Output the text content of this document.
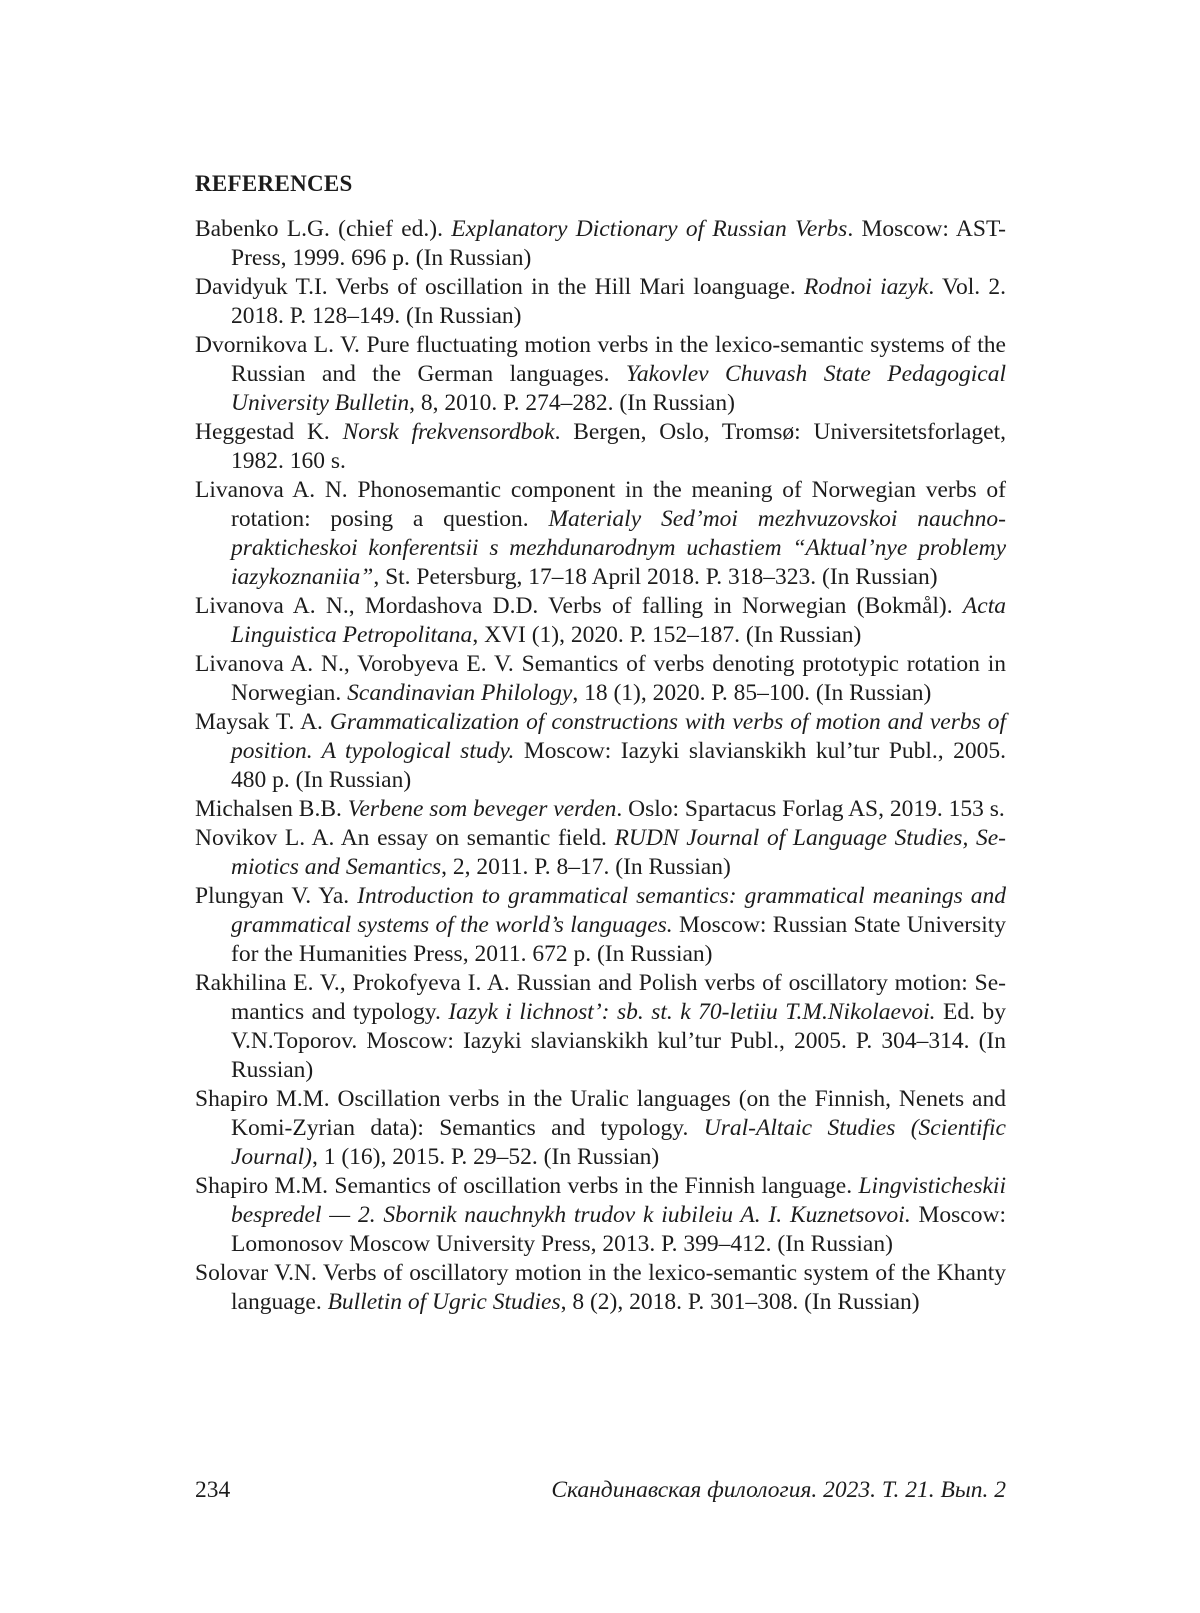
REFERENCES
Babenko L.G. (chief ed.). Explanatory Dictionary of Russian Verbs. Moscow: AST-Press, 1999. 696 p. (In Russian)
Davidyuk T.I. Verbs of oscillation in the Hill Mari loanguage. Rodnoi iazyk. Vol. 2. 2018. P. 128–149. (In Russian)
Dvornikova L. V. Pure fluctuating motion verbs in the lexico-semantic systems of the Russian and the German languages. Yakovlev Chuvash State Pedagogical University Bulletin, 8, 2010. P. 274–282. (In Russian)
Heggestad K. Norsk frekvensordbok. Bergen, Oslo, Tromsø: Universitetsforlaget, 1982. 160 s.
Livanova A. N. Phonosemantic component in the meaning of Norwegian verbs of rotation: posing a question. Materialy Sed’moi mezhvuzovskoi nauchno-prakticheskoi konferentsii s mezhdunarodnym uchastiem “Aktual’nye problemy iazykoznaniia”, St. Petersburg, 17–18 April 2018. P. 318–323. (In Russian)
Livanova A. N., Mordashova D.D. Verbs of falling in Norwegian (Bokmål). Acta Linguistica Petropolitana, XVI (1), 2020. P. 152–187. (In Russian)
Livanova A. N., Vorobyeva E. V. Semantics of verbs denoting prototypic rotation in Norwegian. Scandinavian Philology, 18 (1), 2020. P. 85–100. (In Russian)
Maysak T. A. Grammaticalization of constructions with verbs of motion and verbs of position. A typological study. Moscow: Iazyki slavianskikh kul’tur Publ., 2005. 480 p. (In Russian)
Michalsen B.B. Verbene som beveger verden. Oslo: Spartacus Forlag AS, 2019. 153 s.
Novikov L. A. An essay on semantic field. RUDN Journal of Language Studies, Semiotics and Semantics, 2, 2011. P. 8–17. (In Russian)
Plungyan V. Ya. Introduction to grammatical semantics: grammatical meanings and grammatical systems of the world’s languages. Moscow: Russian State University for the Humanities Press, 2011. 672 p. (In Russian)
Rakhilina E. V., Prokofyeva I. A. Russian and Polish verbs of oscillatory motion: Semantics and typology. Iazyk i lichnost’: sb. st. k 70-letiiu T.M.Nikolaevoi. Ed. by V.N.Toporov. Moscow: Iazyki slavianskikh kul’tur Publ., 2005. P. 304–314. (In Russian)
Shapiro M.M. Oscillation verbs in the Uralic languages (on the Finnish, Nenets and Komi-Zyrian data): Semantics and typology. Ural-Altaic Studies (Scientific Journal), 1 (16), 2015. P. 29–52. (In Russian)
Shapiro M.M. Semantics of oscillation verbs in the Finnish language. Lingvisticheskii bespredel — 2. Sbornik nauchnykh trudov k iubileiu A. I. Kuznetsovoi. Moscow: Lomonosov Moscow University Press, 2013. P. 399–412. (In Russian)
Solovar V.N. Verbs of oscillatory motion in the lexico-semantic system of the Khanty language. Bulletin of Ugric Studies, 8 (2), 2018. P. 301–308. (In Russian)
234	Скандинавская филология. 2023. Т. 21. Вып. 2
